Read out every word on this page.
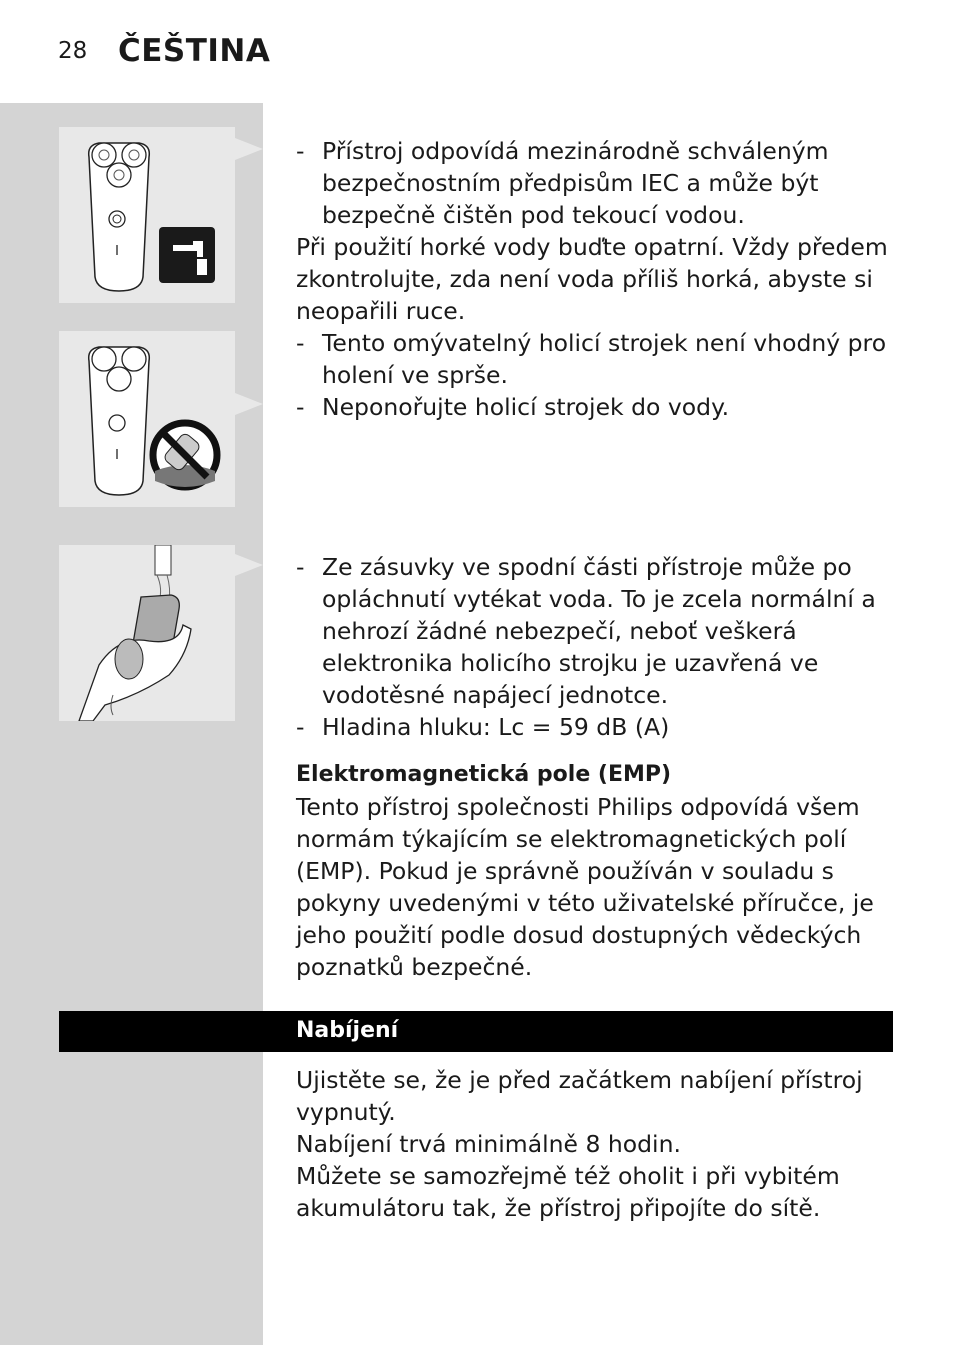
28 ČEŠTINA

- Přístroj odpovídá mezinárodně schváleným bezpečnostním předpisům IEC a může být bezpečně čištěn pod tekoucí vodou.

Při použití horké vody buďte opatrní. Vždy předem zkontrolujte, zda není voda příliš horká, abyste si neopařili ruce.

- Tento omývatelný holicí strojek není vhodný pro holení ve sprše.

- Neponořujte holicí strojek do vody.

- Ze zásuvky ve spodní části přístroje může po opláchnutí vytékat voda. To je zcela normální a nehrozí žádné nebezpečí, neboť veškerá elektronika holicího strojku je uzavřená ve vodotěsné napájecí jednotce.

- Hladina hluku: Lc = 59 dB (A)

Elektromagnetická pole (EMP)

Tento přístroj společnosti Philips odpovídá všem normám týkajícím se elektromagnetických polí (EMP). Pokud je správně používán v souladu s pokyny uvedenými v této uživatelské příručce, je jeho použití podle dosud dostupných vědeckých poznatků bezpečné.

Nabíjení

Ujistěte se, že je před začátkem nabíjení přístroj vypnutý.

Nabíjení trvá minimálně 8 hodin.

Můžete se samozřejmě též oholit i při vybitém akumulátoru tak, že přístroj připojíte do sítě.
